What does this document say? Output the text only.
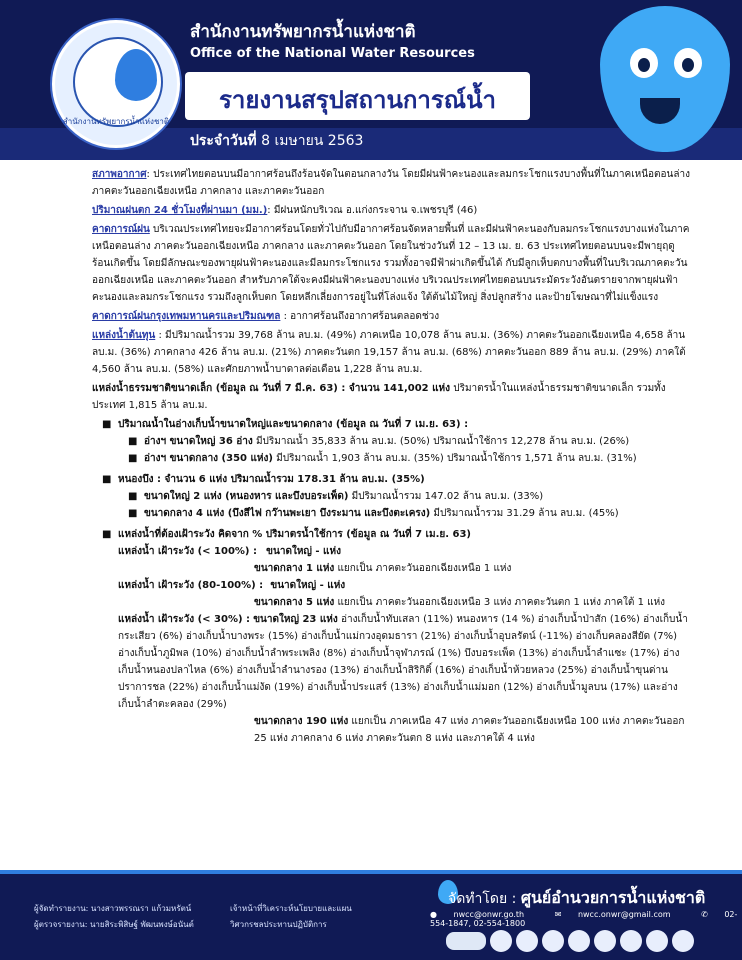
สำนักงานทรัพยากรน้ำแห่งชาติ
สำนักงานทรัพยากรน้ำแห่งชาติ
Office of the National Water Resources
รายงานสรุปสถานการณ์น้ำ
ประจำวันที่ 8 เมษายน 2563

สภาพอากาศ: ประเทศไทยตอนบนมีอากาศร้อนถึงร้อนจัดในตอนกลางวัน โดยมีฝนฟ้าคะนองและลมกระโชกแรงบางพื้นที่ในภาคเหนือตอนล่าง ภาคตะวันออกเฉียงเหนือ ภาคกลาง และภาคตะวันออก

ปริมาณฝนตก 24 ชั่วโมงที่ผ่านมา (มม.): มีฝนหนักบริเวณ อ.แก่งกระจาน จ.เพชรบุรี (46)

คาดการณ์ฝน บริเวณประเทศไทยจะมีอากาศร้อนโดยทั่วไปกับมีอากาศร้อนจัดหลายพื้นที่ และมีฝนฟ้าคะนองกับลมกระโชกแรงบางแห่งในภาคเหนือตอนล่าง ภาคตะวันออกเฉียงเหนือ ภาคกลาง และภาคตะวันออก โดยในช่วงวันที่ 12 – 13 เม. ย. 63 ประเทศไทยตอนบนจะมีพายุฤดูร้อนเกิดขึ้น โดยมีลักษณะของพายุฝนฟ้าคะนองและมีลมกระโชกแรง รวมทั้งอาจมีฟ้าผ่าเกิดขึ้นได้ กับมีลูกเห็บตกบางพื้นที่ในบริเวณภาคตะวันออกเฉียงเหนือ และภาคตะวันออก สำหรับภาคใต้จะคงมีฝนฟ้าคะนองบางแห่ง บริเวณประเทศไทยตอนบนระมัดระวังอันตรายจากพายุฝนฟ้าคะนองและลมกระโชกแรง รวมถึงลูกเห็บตก โดยหลีกเลี่ยงการอยู่ในที่โล่งแจ้ง ใต้ต้นไม้ใหญ่ สิ่งปลูกสร้าง และป้ายโฆษณาที่ไม่แข็งแรง

คาดการณ์ฝนกรุงเทพมหานครและปริมณฑล : อากาศร้อนถึงอากาศร้อนตลอดช่วง

แหล่งน้ำต้นทุน : มีปริมาณน้ำรวม 39,768 ล้าน ลบ.ม. (49%) ภาคเหนือ 10,078 ล้าน ลบ.ม. (36%) ภาคตะวันออกเฉียงเหนือ 4,658 ล้าน ลบ.ม. (36%) ภาคกลาง 426 ล้าน ลบ.ม. (21%) ภาคตะวันตก 19,157 ล้าน ลบ.ม. (68%) ภาคตะวันออก 889 ล้าน ลบ.ม. (29%) ภาคใต้ 4,560 ล้าน ลบ.ม. (58%) และศักยภาพน้ำบาดาลต่อเดือน 1,228 ล้าน ลบ.ม.

แหล่งน้ำธรรมชาติขนาดเล็ก (ข้อมูล ณ วันที่ 7 มี.ค. 63) : จำนวน 141,002 แห่ง ปริมาตรน้ำในแหล่งน้ำธรรมชาติขนาดเล็ก รวมทั้งประเทศ 1,815 ล้าน ลบ.ม.

■ ปริมาณน้ำในอ่างเก็บน้ำขนาดใหญ่และขนาดกลาง (ข้อมูล ณ วันที่ 7 เม.ย. 63) :
■ อ่างฯ ขนาดใหญ่ 36 อ่าง มีปริมาณน้ำ 35,833 ล้าน ลบ.ม. (50%) ปริมาณน้ำใช้การ 12,278 ล้าน ลบ.ม. (26%)
■ อ่างฯ ขนาดกลาง (350 แห่ง) มีปริมาณน้ำ 1,903 ล้าน ลบ.ม. (35%) ปริมาณน้ำใช้การ 1,571 ล้าน ลบ.ม. (31%)
■ หนองบึง : จำนวน 6 แห่ง ปริมาณน้ำรวม 178.31 ล้าน ลบ.ม. (35%)
■ ขนาดใหญ่ 2 แห่ง (หนองหาร และบึงบอระเพ็ด) มีปริมาณน้ำรวม 147.02 ล้าน ลบ.ม. (33%)
■ ขนาดกลาง 4 แห่ง (บึงสีไฟ กว๊านพะเยา บึงระมาน และบึงตะเครง) มีปริมาณน้ำรวม 31.29 ล้าน ลบ.ม. (45%)
■ แหล่งน้ำที่ต้องเฝ้าระวัง คิดจาก % ปริมาตรน้ำใช้การ (ข้อมูล ณ วันที่ 7 เม.ย. 63)
แหล่งน้ำ เฝ้าระวัง (< 100%) : ขนาดใหญ่ - แห่ง
ขนาดกลาง 1 แห่ง แยกเป็น ภาคตะวันออกเฉียงเหนือ 1 แห่ง
แหล่งน้ำ เฝ้าระวัง (80-100%) : ขนาดใหญ่ - แห่ง
ขนาดกลาง 5 แห่ง แยกเป็น ภาคตะวันออกเฉียงเหนือ 3 แห่ง ภาคตะวันตก 1 แห่ง ภาคใต้ 1 แห่ง
แหล่งน้ำ เฝ้าระวัง (< 30%) : ขนาดใหญ่ 23 แห่ง อ่างเก็บน้ำทับเสลา (11%) หนองหาร (14 %) อ่างเก็บน้ำป่าสัก (16%) อ่างเก็บน้ำกระเสียว (6%) อ่างเก็บน้ำบางพระ (15%) อ่างเก็บน้ำแม่กวงอุดมธารา (21%) อ่างเก็บน้ำอุบลรัตน์ (-11%) อ่างเก็บคลองสียัด (7%) อ่างเก็บน้ำภูมิพล (10%) อ่างเก็บน้ำลำพระเพลิง (8%) อ่างเก็บน้ำจุฬาภรณ์ (1%) บึงบอระเพ็ด (13%) อ่างเก็บน้ำลำแซะ (17%) อ่างเก็บน้ำหนองปลาไหล (6%) อ่างเก็บน้ำลำนางรอง (13%) อ่างเก็บน้ำสิริกิติ์ (16%) อ่างเก็บน้ำห้วยหลวง (25%) อ่างเก็บน้ำขุนด่านปราการชล (22%) อ่างเก็บน้ำแม่งัด (19%) อ่างเก็บน้ำประแสร์ (13%) อ่างเก็บน้ำแม่มอก (12%) อ่างเก็บน้ำมูลบน (17%) และอ่างเก็บน้ำลำตะคลอง (29%)
ขนาดกลาง 190 แห่ง แยกเป็น ภาคเหนือ 47 แห่ง ภาคตะวันออกเฉียงเหนือ 100 แห่ง ภาคตะวันออก 25 แห่ง ภาคกลาง 6 แห่ง ภาคตะวันตก 8 แห่ง และภาคใต้ 4 แห่ง
ผู้จัดทำรายงาน: นางสาวพรรณรา แก้วมหรัตน์	เจ้าหน้าที่วิเคราะห์นโยบายและแผน
ผู้ตรวจรายงาน: นายสิระพิสิษฐ์ พัฒนพงษ์อนันต์	วิศวกรชลประทานปฏิบัติการ
จัดทำโดย : ศูนย์อำนวยการน้ำแห่งชาติ
● nwcc@onwr.go.th	✉ nwcc.onwr@gmail.com	✆ 02-554-1847, 02-554-1800
